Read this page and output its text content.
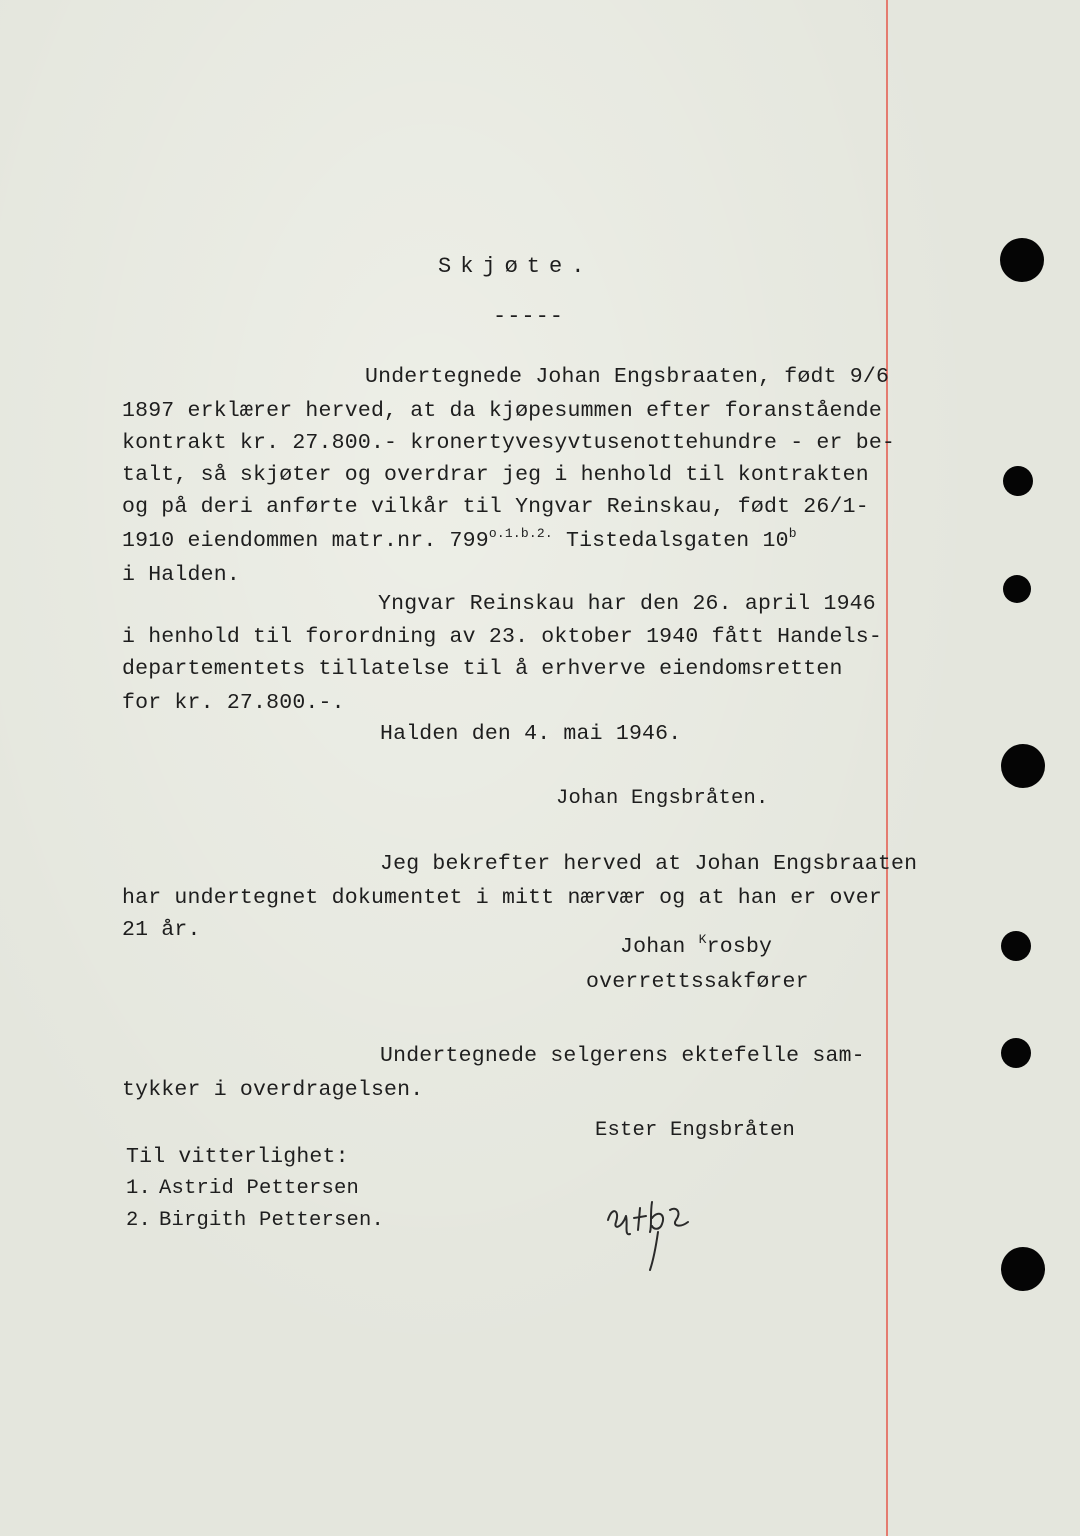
Skjøte.
-----
Undertegnede Johan Engsbraaten, født 9/6
1897 erklærer herved, at da kjøpesummen efter foranstående
kontrakt kr. 27.800.- kronertyvesyvtusenottehundre - er be-
talt, så skjøter og overdrar jeg i henhold til kontrakten
og på deri anførte vilkår til Yngvar Reinskau, født 26/1-
1910 eiendommen matr.nr. $799^{o.1.b.2.}$ Tistedalsgaten 10$^b$
i Halden.
Yngvar Reinskau har den 26. april 1946
i henhold til forordning av 23. oktober 1940 fått Handels-
departementets tillatelse til å erhverve eiendomsretten
for kr. 27.800.-.
Halden den 4. mai 1946.
Johan Engsbråten.
Jeg bekrefter herved at Johan Engsbraaten
har undertegnet dokumentet i mitt nærvær og at han er over
21 år.
Johan $^K$rosby
overrettssakfører
Undertegnede selgerens ektefelle sam-
tykker i overdragelsen.
Ester Engsbråten
Til vitterlighet:
1. Astrid Pettersen
2. Birgith Pettersen.
